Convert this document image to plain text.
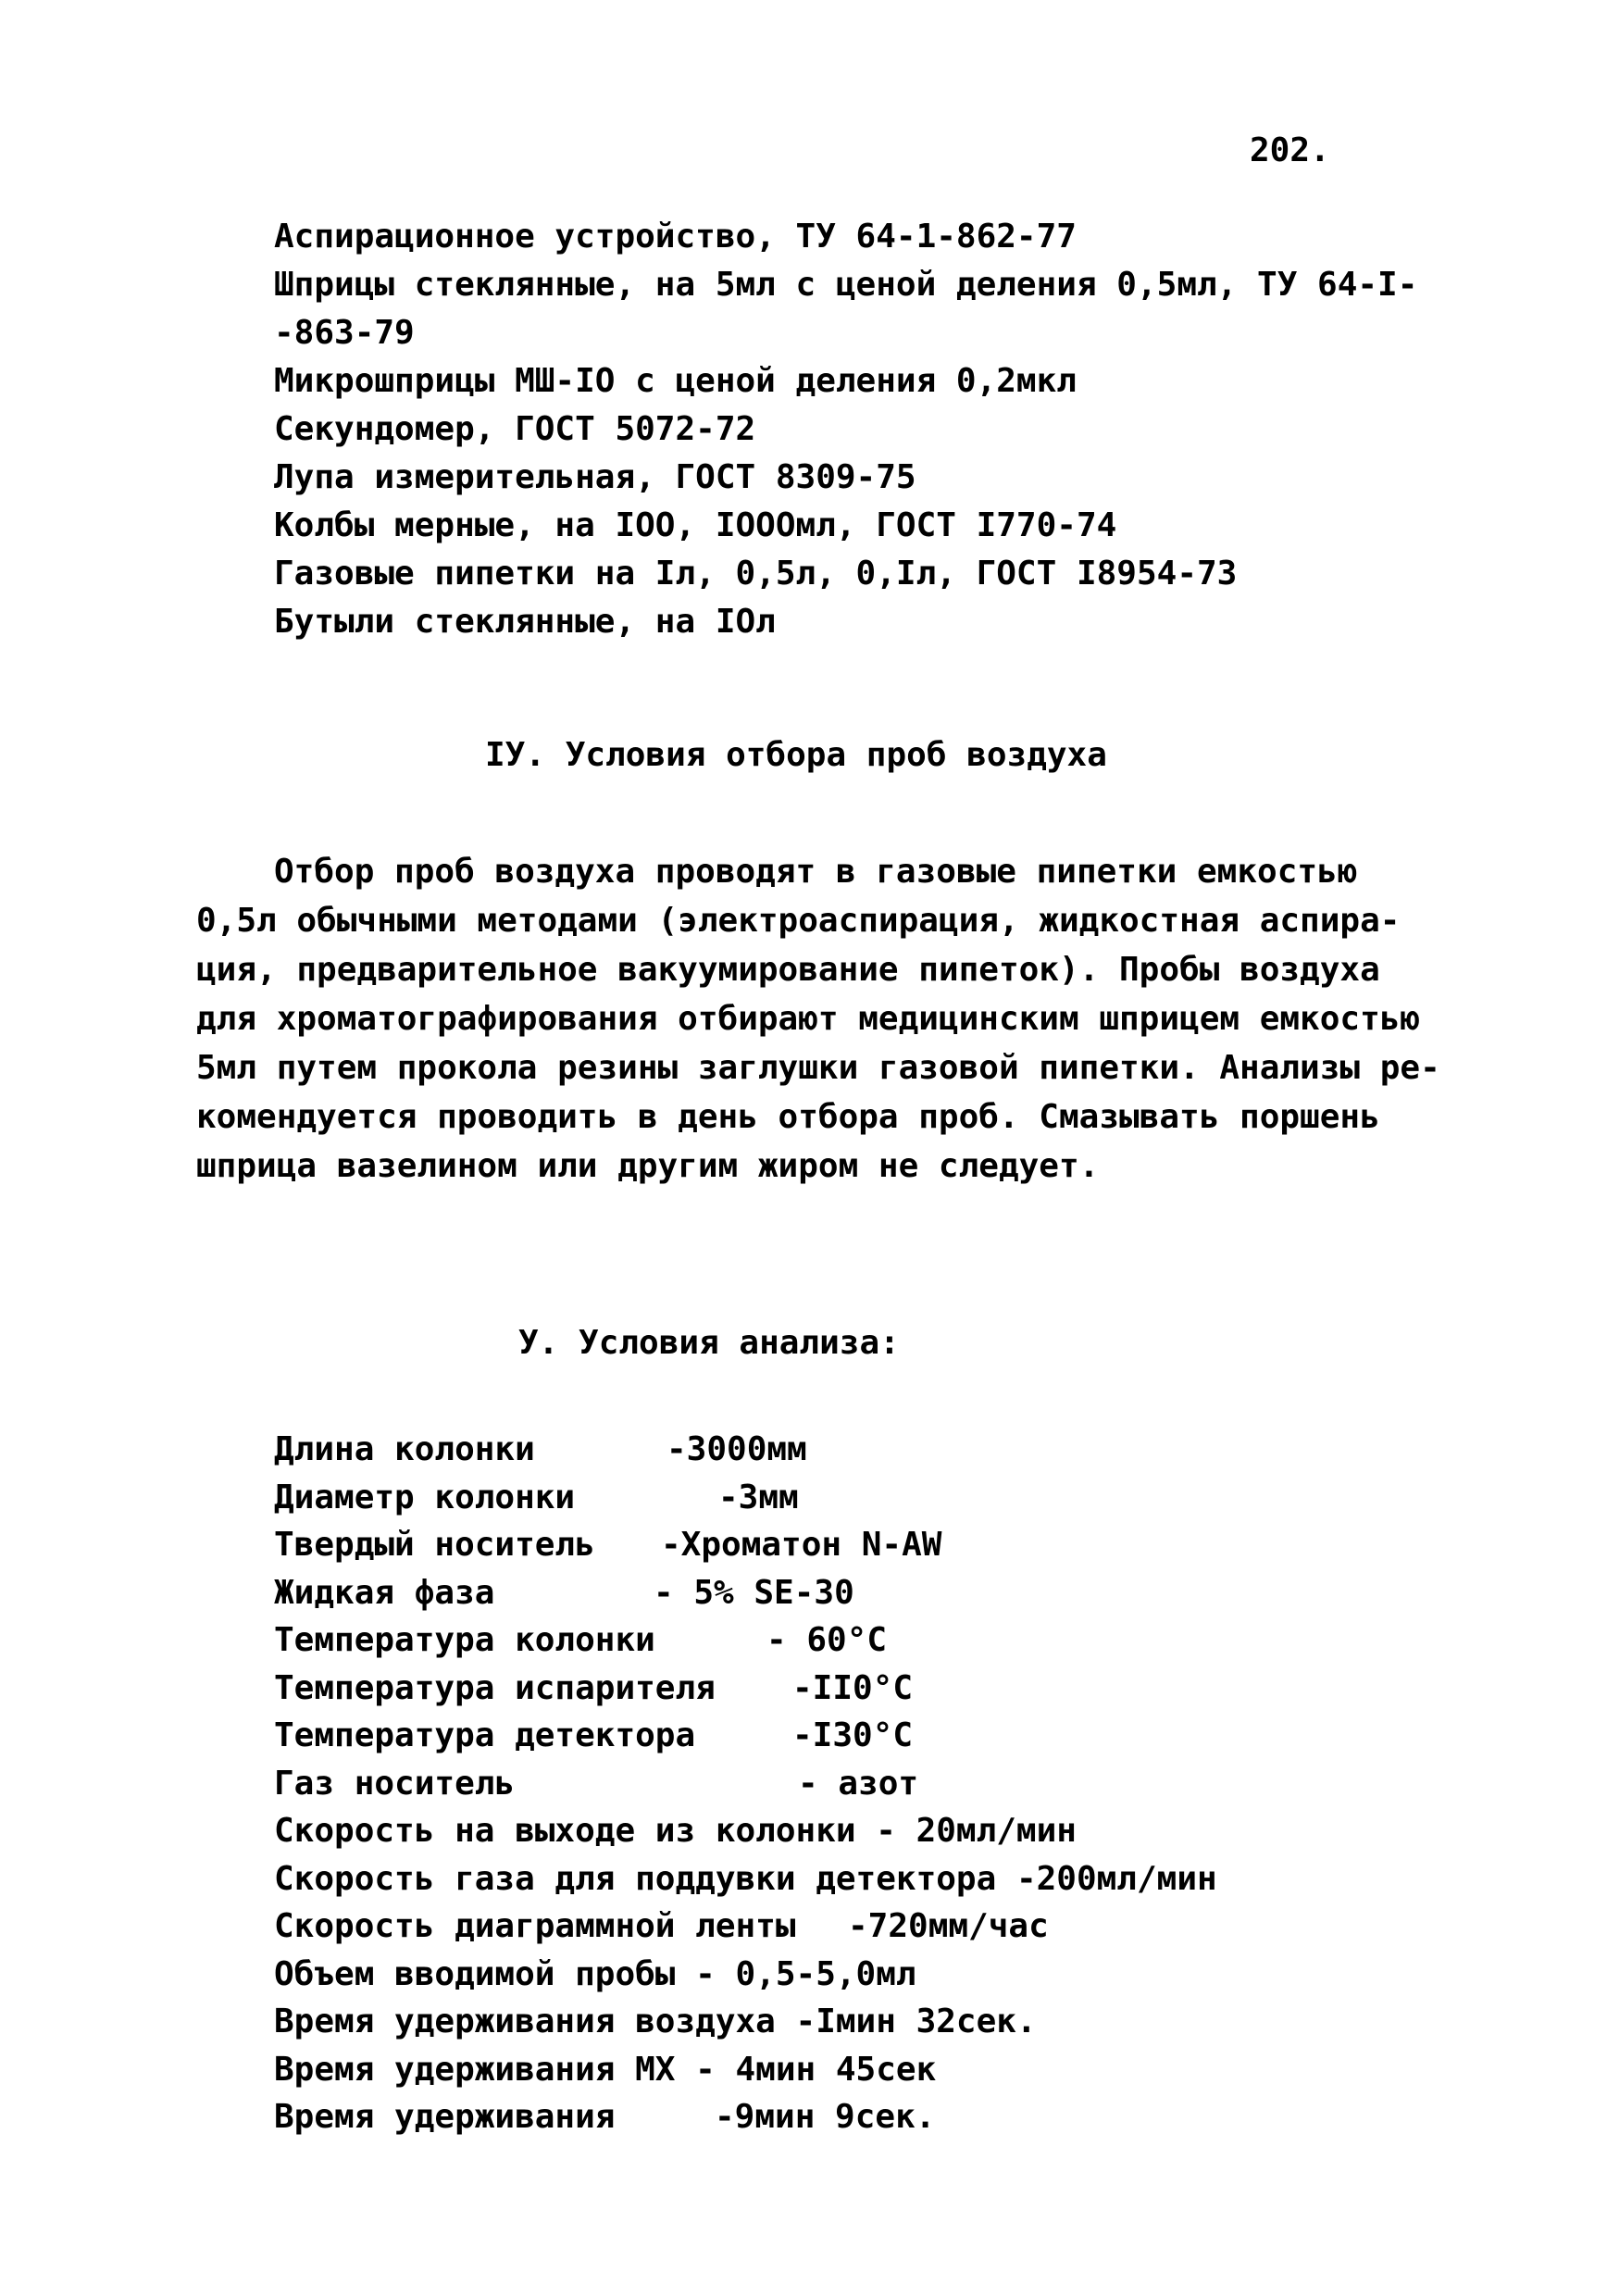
202.
Аспирационное устройство, ТУ 64-1-862-77
Шприцы стеклянные, на 5мл с ценой деления 0,5мл, ТУ 64-I-
-863-79
Микрошприцы МШ-IO с ценой деления 0,2мкл
Секундомер, ГОСТ 5072-72
Лупа измерительная, ГОСТ 8309-75
Колбы мерные, на IOO, IOOOмл, ГОСТ I770-74
Газовые пипетки на Iл, 0,5л, 0,Iл, ГОСТ I8954-73
Бутыли стеклянные, на IOл
IУ. Условия отбора проб воздуха
Отбор проб воздуха проводят в газовые пипетки емкостью
0,5л обычными методами (электроаспирация, жидкостная аспира-
ция, предварительное вакуумирование пипеток). Пробы воздуха
для хроматографирования отбирают медицинским шприцем емкостью
5мл путем прокола резины заглушки газовой пипетки. Анализы ре-
комендуется проводить в день отбора проб. Смазывать поршень
шприца вазелином или другим жиром не следует.
У. Условия анализа:
Длина колонки	-3000мм
Диаметр колонки	-3мм
Твердый носитель -Хроматон N-AW
Жидкая фаза	- 5% SE-30
Температура колонки	- 60°C
Температура испарителя -II0°C
Температура детектора	-I30°C
Газ носитель	- азот
Скорость на выходе из колонки - 20мл/мин
Скорость газа для поддувки детектора -200мл/мин
Скорость диаграммной ленты -720мм/час
Объем вводимой пробы - 0,5-5,0мл
Время удерживания воздуха -Iмин 32сек.
Время удерживания МХ - 4мин 45сек
Время удерживания	-9мин 9сек.
